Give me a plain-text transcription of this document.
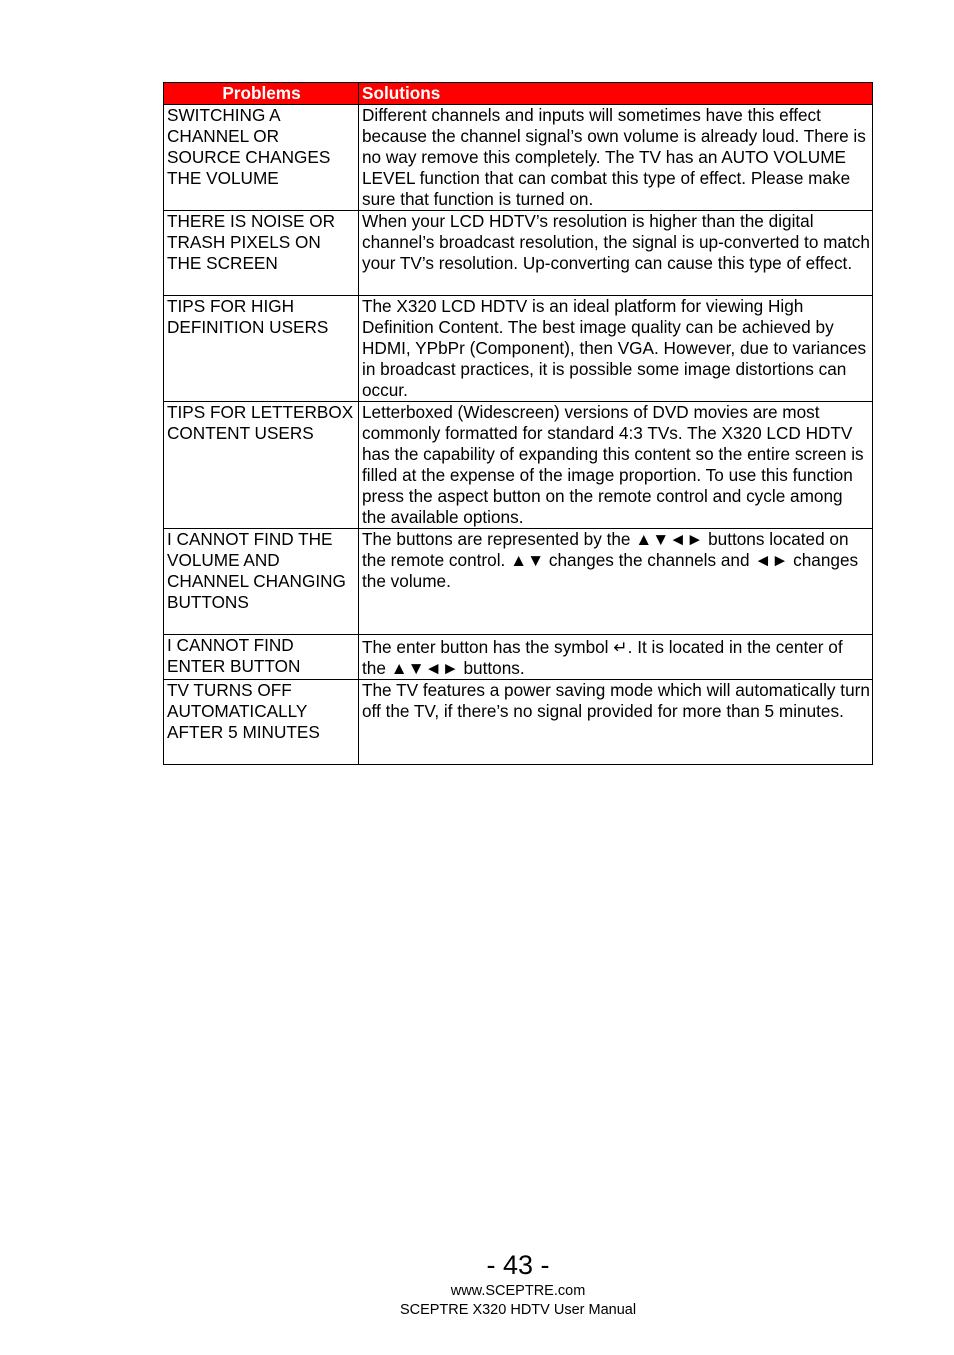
Problems	Solutions
SWITCHING A CHANNEL OR SOURCE CHANGES THE VOLUME	Different channels and inputs will sometimes have this effect because the channel signal’s own volume is already loud. There is no way remove this completely. The TV has an AUTO VOLUME LEVEL function that can combat this type of effect. Please make sure that function is turned on.
THERE IS NOISE OR TRASH PIXELS ON THE SCREEN	When your LCD HDTV’s resolution is higher than the digital channel’s broadcast resolution, the signal is up-converted to match your TV’s resolution. Up-converting can cause this type of effect.
TIPS FOR HIGH DEFINITION USERS	The X320 LCD HDTV is an ideal platform for viewing High Definition Content. The best image quality can be achieved by HDMI, YPbPr (Component), then VGA. However, due to variances in broadcast practices, it is possible some image distortions can occur.
TIPS FOR LETTERBOX CONTENT USERS	Letterboxed (Widescreen) versions of DVD movies are most commonly formatted for standard 4:3 TVs. The X320 LCD HDTV has the capability of expanding this content so the entire screen is filled at the expense of the image proportion. To use this function press the aspect button on the remote control and cycle among the available options.
I CANNOT FIND THE VOLUME AND CHANNEL CHANGING BUTTONS	The buttons are represented by the ▲▼◄► buttons located on the remote control. ▲▼ changes the channels and ◄► changes the volume.
I CANNOT FIND ENTER BUTTON	The enter button has the symbol ↵. It is located in the center of the ▲▼◄► buttons.
TV TURNS OFF AUTOMATICALLY AFTER 5 MINUTES	The TV features a power saving mode which will automatically turn off the TV, if there’s no signal provided for more than 5 minutes.
- 43 -
www.SCEPTRE.com
SCEPTRE X320 HDTV User Manual
